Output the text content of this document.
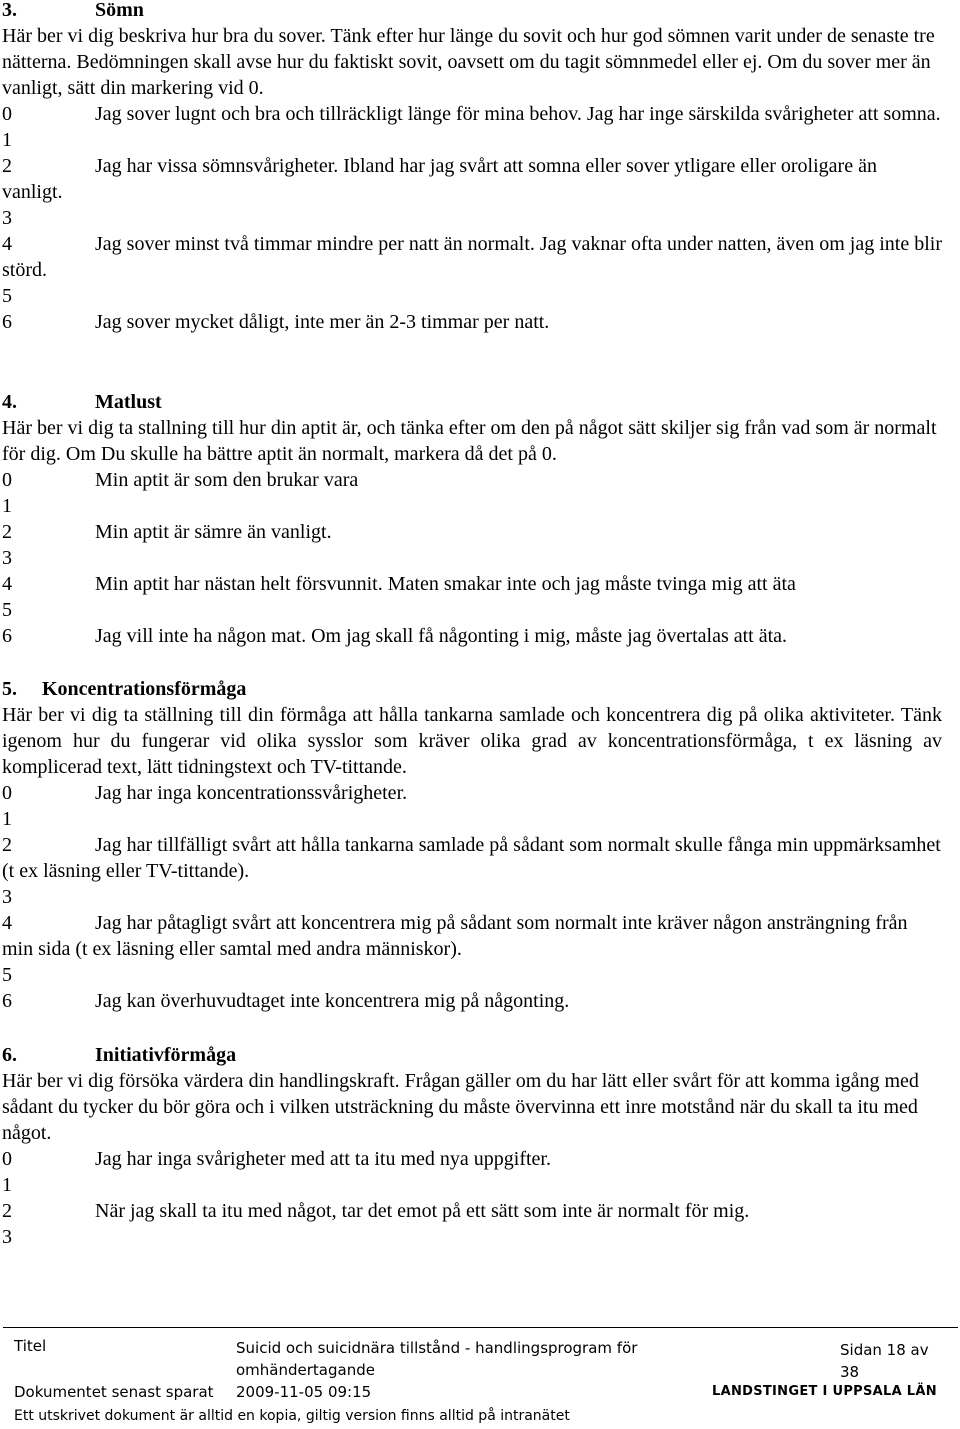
3.	Sömn

Här ber vi dig beskriva hur bra du sover. Tänk efter hur länge du sovit och hur god sömnen varit under de senaste tre nätterna. Bedömningen skall avse hur du faktiskt sovit, oavsett om du tagit sömnmedel eller ej. Om du sover mer än vanligt, sätt din markering vid 0.

0	Jag sover lugnt och bra och tillräckligt länge för mina behov. Jag har inge särskilda svårigheter att somna.

1

2	Jag har vissa sömnsvårigheter. Ibland har jag svårt att somna eller sover ytligare eller oroligare än vanligt.

3

4	Jag sover minst två timmar mindre per natt än normalt. Jag vaknar ofta under natten, även om jag inte blir störd.

5

6	Jag sover mycket dåligt, inte mer än 2-3 timmar per natt.

4.	Matlust

Här ber vi dig ta stallning till hur din aptit är, och tänka efter om den på något sätt skiljer sig från vad som är normalt för dig. Om Du skulle ha bättre aptit än normalt, markera då det på 0.

0	Min aptit är som den brukar vara

1

2	Min aptit är sämre än vanligt.

3

4	Min aptit har nästan helt försvunnit. Maten smakar inte och jag måste tvinga mig att äta

5

6	Jag vill inte ha någon mat. Om jag skall få någonting i mig, måste jag övertalas att äta.

5. Koncentrationsförmåga

Här ber vi dig ta ställning till din förmåga att hålla tankarna samlade och koncentrera dig på olika aktiviteter. Tänk igenom hur du fungerar vid olika sysslor som kräver olika grad av koncentrationsförmåga, t ex läsning av komplicerad text, lätt tidningstext och TV-tittande.

0	Jag har inga koncentrationssvårigheter.

1

2	Jag har tillfälligt svårt att hålla tankarna samlade på sådant som normalt skulle fånga min uppmärksamhet (t ex läsning eller TV-tittande).

3

4	Jag har påtagligt svårt att koncentrera mig på sådant som normalt inte kräver någon ansträngning från min sida (t ex läsning eller samtal med andra människor).

5

6	Jag kan överhuvudtaget inte koncentrera mig på någonting.

6.	Initiativförmåga

Här ber vi dig försöka värdera din handlingskraft. Frågan gäller om du har lätt eller svårt för att komma igång med sådant du tycker du bör göra och i vilken utsträckning du måste övervinna ett inre motstånd när du skall ta itu med något.

0	Jag har inga svårigheter med att ta itu med nya uppgifter.

1

2	När jag skall ta itu med något, tar det emot på ett sätt som inte är normalt för mig.

3

Titel	Suicid och suicidnära tillstånd - handlingsprogram för omhändertagande
Sidan 18 av 38
Dokumentet senast sparat 2009-11-05 09:15	LANDSTINGET I UPPSALA LÄN
Ett utskrivet dokument är alltid en kopia, giltig version finns alltid på intranätet
